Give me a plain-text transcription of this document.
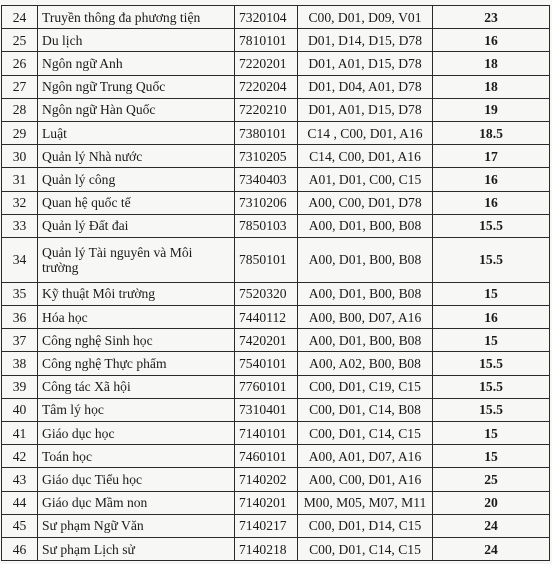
24	Truyền thông đa phương tiện	7320104	C00, D01, D09, V01	23
25	Du lịch	7810101	D01, D14, D15, D78	16
26	Ngôn ngữ Anh	7220201	D01, A01, D15, D78	18
27	Ngôn ngữ Trung Quốc	7220204	D01, D04, A01, D78	18
28	Ngôn ngữ Hàn Quốc	7220210	D01, A01, D15, D78	19
29	Luật	7380101	C14 , C00, D01, A16	18.5
30	Quản lý Nhà nước	7310205	C14, C00, D01, A16	17
31	Quản lý công	7340403	A01, D01, C00, C15	16
32	Quan hệ quốc tế	7310206	A00, C00, D01, D78	16
33	Quản lý Đất đai	7850103	A00, D01, B00, B08	15.5
34	Quản lý Tài nguyên và Môi trường	7850101	A00, D01, B00, B08	15.5
35	Kỹ thuật Môi trường	7520320	A00, D01, B00, B08	15
36	Hóa học	7440112	A00, B00, D07, A16	16
37	Công nghệ Sinh học	7420201	A00, D01, B00, B08	15
38	Công nghệ Thực phẩm	7540101	A00, A02, B00, B08	15.5
39	Công tác Xã hội	7760101	C00, D01, C19, C15	15.5
40	Tâm lý học	7310401	C00, D01, C14, B08	15.5
41	Giáo dục học	7140101	C00, D01, C14, C15	15
42	Toán học	7460101	A00, A01, D07, A16	15
43	Giáo dục Tiểu học	7140202	A00, C00, D01, A16	25
44	Giáo dục Mầm non	7140201	M00, M05, M07, M11	20
45	Sư phạm Ngữ Văn	7140217	C00, D01, D14, C15	24
46	Sư phạm Lịch sử	7140218	C00, D01, C14, C15	24
